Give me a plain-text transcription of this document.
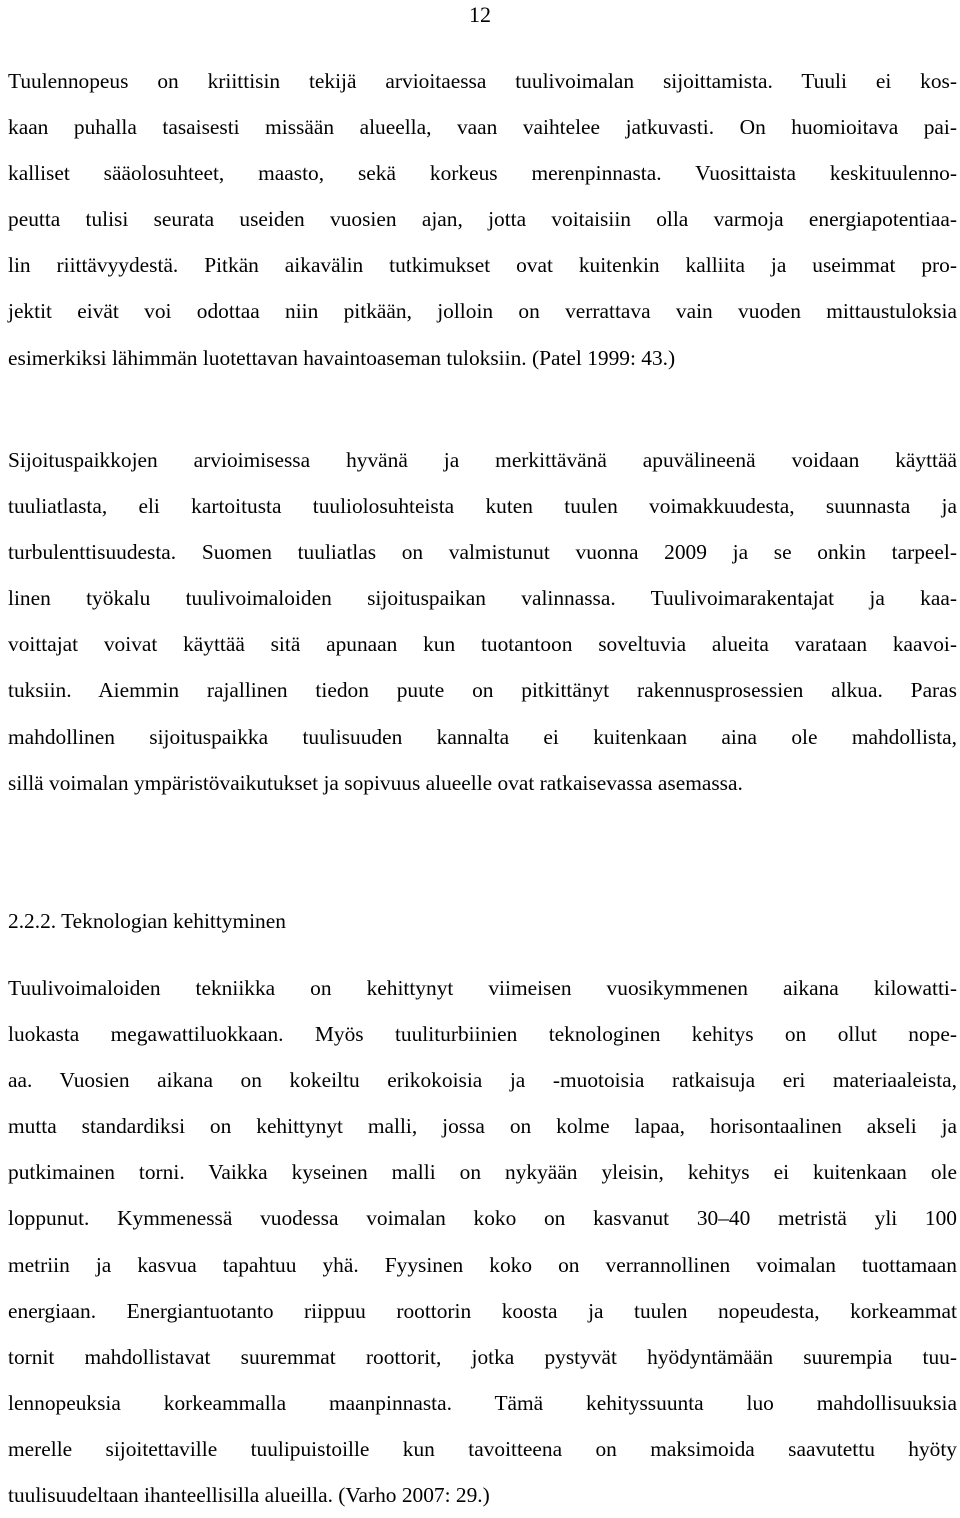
12
Tuulennopeus on kriittisin tekijä arvioitaessa tuulivoimalan sijoittamista. Tuuli ei kos-
kaan puhalla tasaisesti missään alueella, vaan vaihtelee jatkuvasti. On huomioitava pai-
kalliset sääolosuhteet, maasto, sekä korkeus merenpinnasta. Vuosittaista keskituulenno-
peutta tulisi seurata useiden vuosien ajan, jotta voitaisiin olla varmoja energiapotentiaa-
lin riittävyydestä. Pitkän aikavälin tutkimukset ovat kuitenkin kalliita ja useimmat pro-
jektit eivät voi odottaa niin pitkään, jolloin on verrattava vain vuoden mittaustuloksia
esimerkiksi lähimmän luotettavan havaintoaseman tuloksiin. (Patel 1999: 43.)
Sijoituspaikkojen arvioimisessa hyvänä ja merkittävänä apuvälineenä voidaan käyttää
tuuliatlasta, eli kartoitusta tuuliolosuhteista kuten tuulen voimakkuudesta, suunnasta ja
turbulenttisuudesta. Suomen tuuliatlas on valmistunut vuonna 2009 ja se onkin tarpeel-
linen työkalu tuulivoimaloiden sijoituspaikan valinnassa. Tuulivoimarakentajat ja kaa-
voittajat voivat käyttää sitä apunaan kun tuotantoon soveltuvia alueita varataan kaavoi-
tuksiin. Aiemmin rajallinen tiedon puute on pitkittänyt rakennusprosessien alkua. Paras
mahdollinen sijoituspaikka tuulisuuden kannalta ei kuitenkaan aina ole mahdollista,
sillä voimalan ympäristövaikutukset ja sopivuus alueelle ovat ratkaisevassa asemassa.
2.2.2. Teknologian kehittyminen
Tuulivoimaloiden tekniikka on kehittynyt viimeisen vuosikymmenen aikana kilowatti-
luokasta megawattiluokkaan. Myös tuuliturbiinien teknologinen kehitys on ollut nope-
aa. Vuosien aikana on kokeiltu erikokoisia ja -muotoisia ratkaisuja eri materiaaleista,
mutta standardiksi on kehittynyt malli, jossa on kolme lapaa, horisontaalinen akseli ja
putkimainen torni. Vaikka kyseinen malli on nykyään yleisin, kehitys ei kuitenkaan ole
loppunut. Kymmenessä vuodessa voimalan koko on kasvanut 30–40 metristä yli 100
metriin ja kasvua tapahtuu yhä. Fyysinen koko on verrannollinen voimalan tuottamaan
energiaan. Energiantuotanto riippuu roottorin koosta ja tuulen nopeudesta, korkeammat
tornit mahdollistavat suuremmat roottorit, jotka pystyvät hyödyntämään suurempia tuu-
lennopeuksia korkeammalla maanpinnasta. Tämä kehityssuunta luo mahdollisuuksia
merelle sijoitettaville tuulipuistoille kun tavoitteena on maksimoida saavutettu hyöty
tuulisuudeltaan ihanteellisilla alueilla. (Varho 2007: 29.)
